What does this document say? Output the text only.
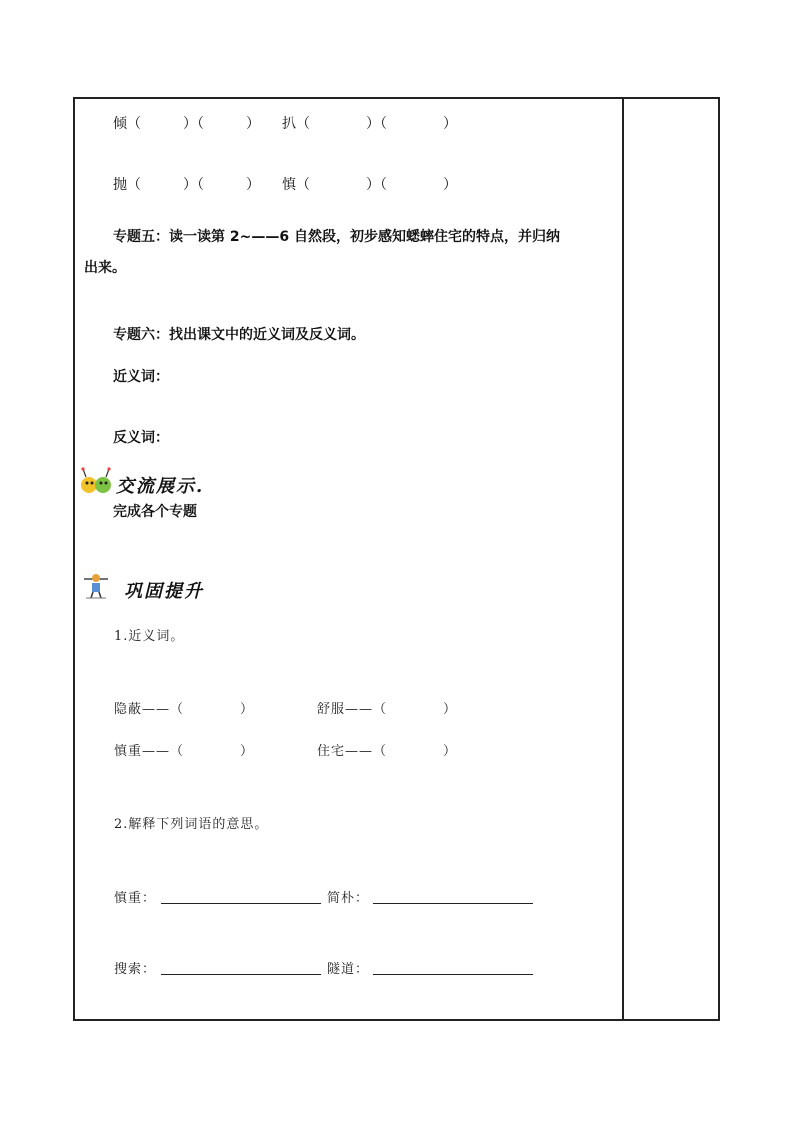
倾（　　　）（　　　） 扒（　　　　）（　　　　）
抛（　　　）（　　　） 慎（　　　　）（　　　　）
专题五：读一读第 2~——6 自然段，初步感知蟋蟀住宅的特点，并归纳
出来。
专题六：找出课文中的近义词及反义词。
近义词：
反义词：
交流展示.
完成各个专题
巩固提升
1.近义词。
隐蔽——（　　　　）	舒服——（　　　　）
慎重——（　　　　）	住宅——（　　　　）
2.解释下列词语的意思。
慎重：	简朴：
搜索：	隧道：
